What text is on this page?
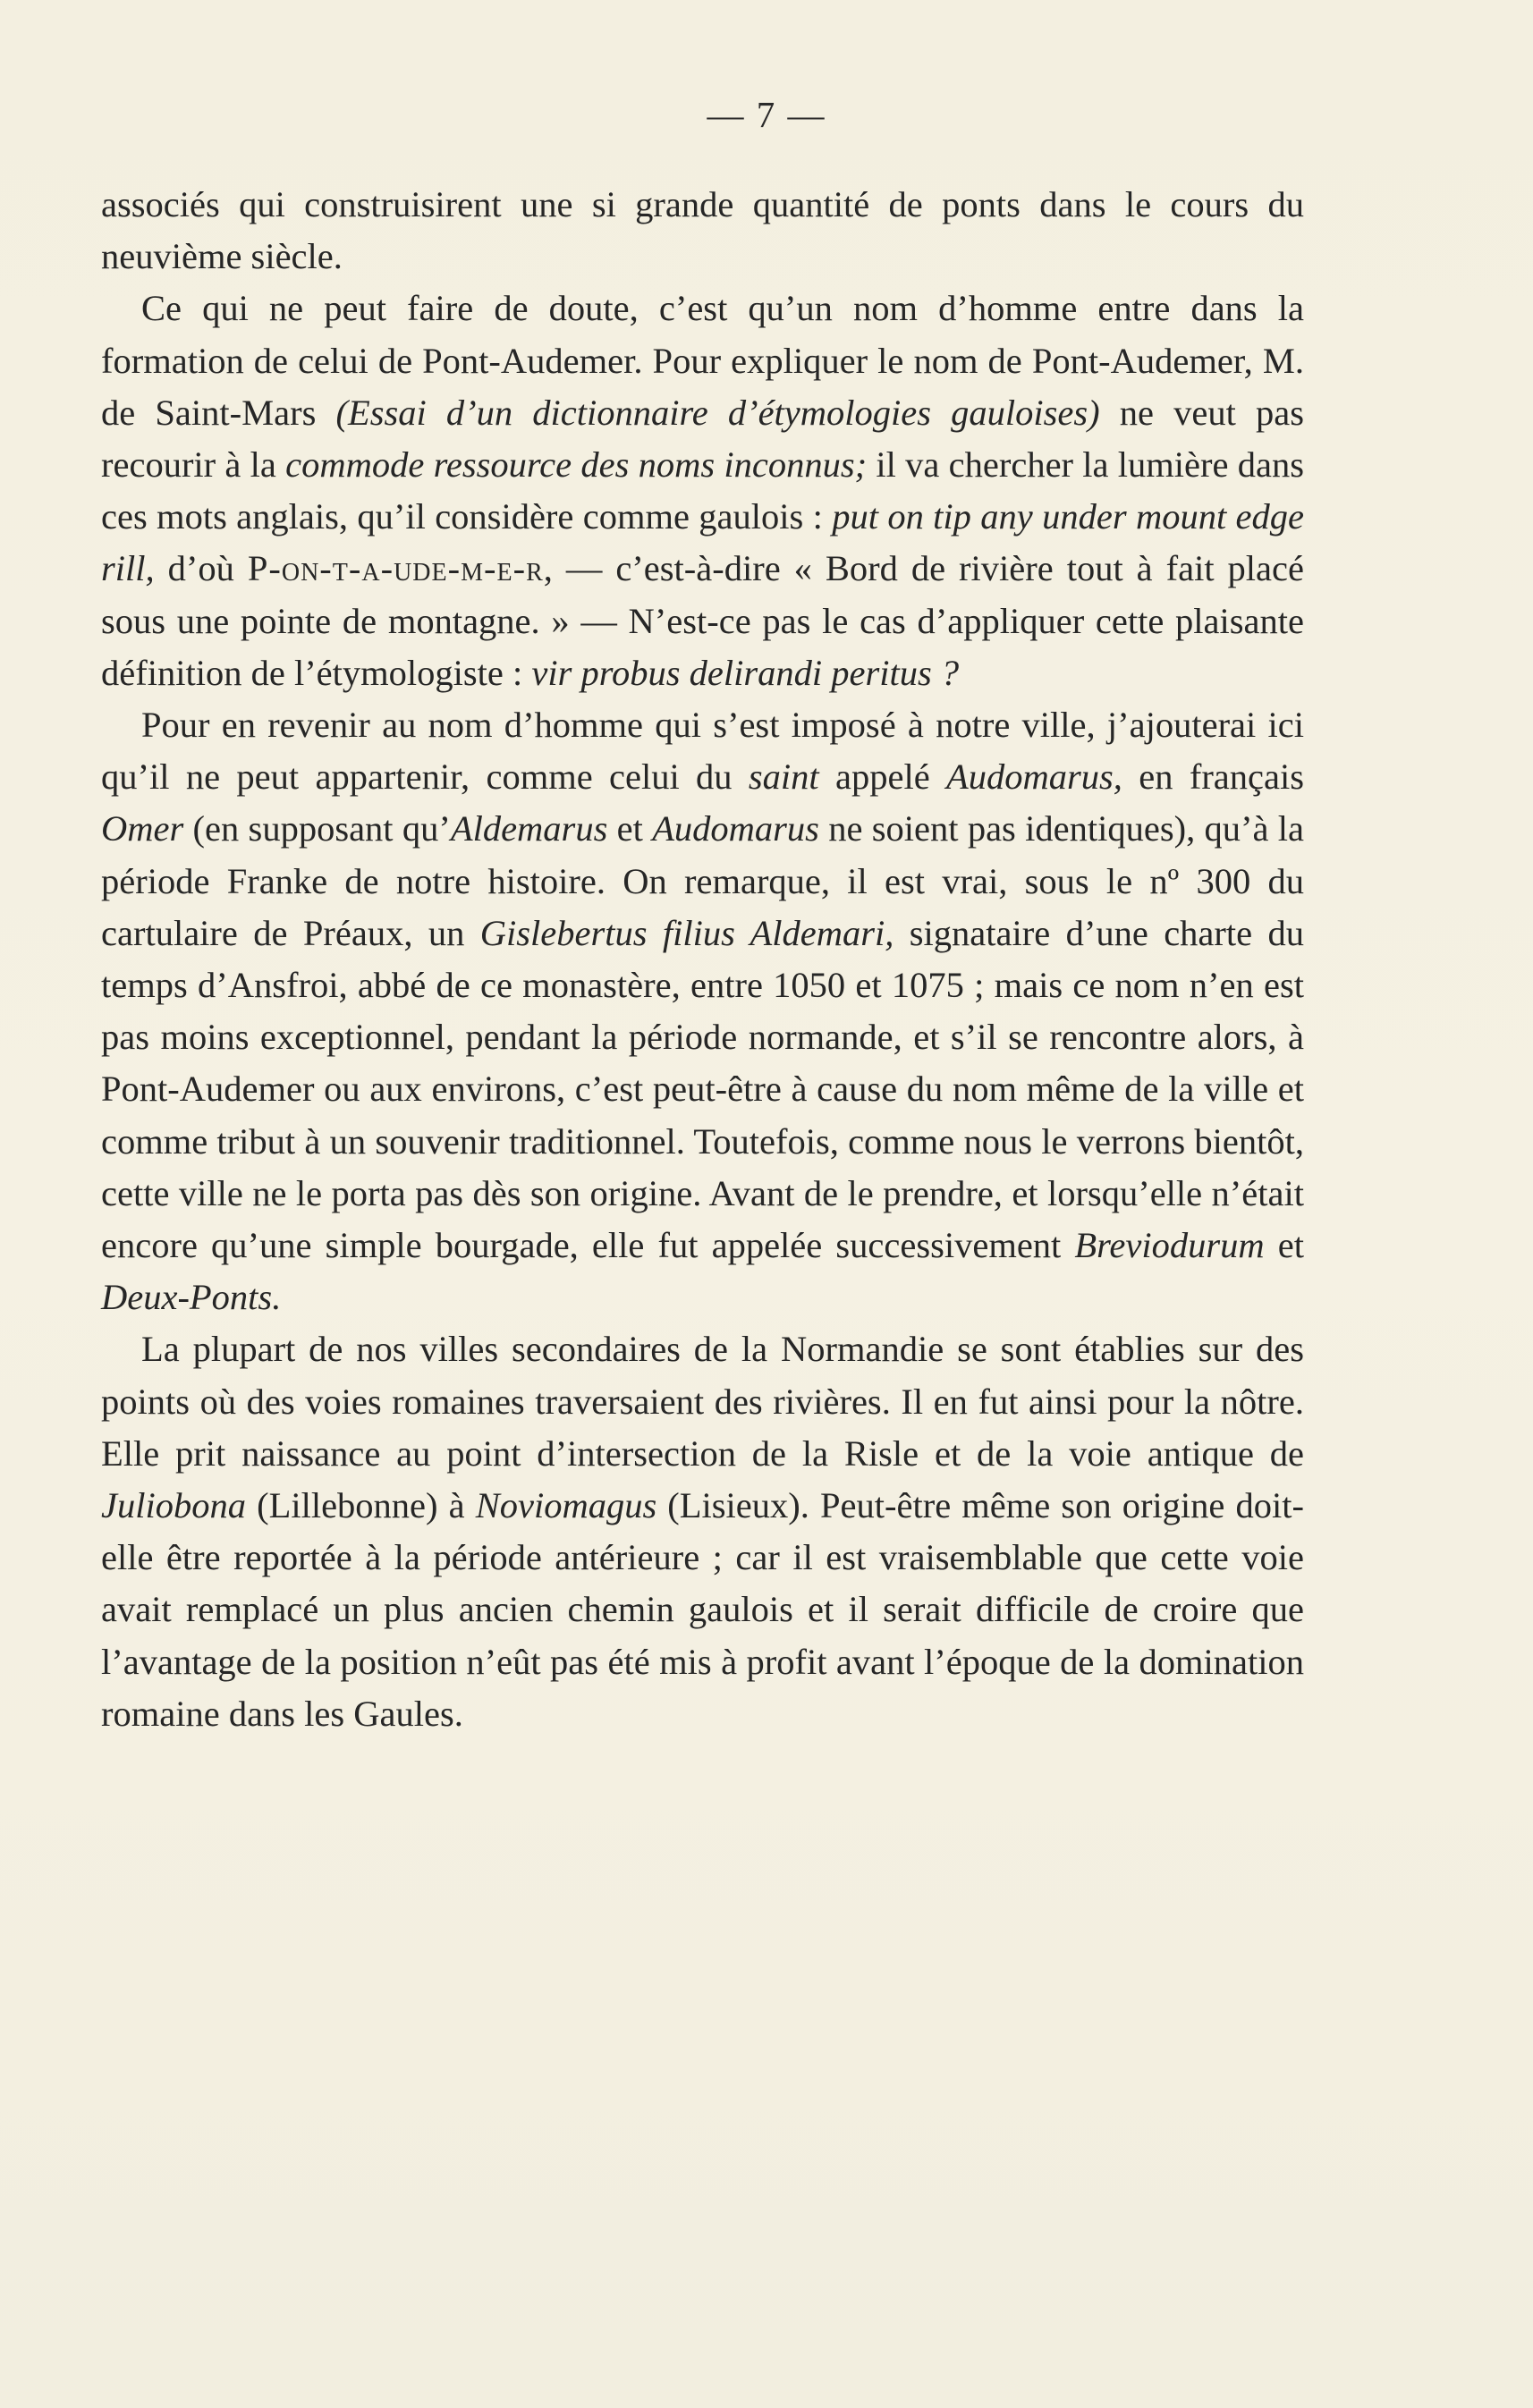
— 7 —

associés qui construisirent une si grande quantité de ponts dans le cours du neuvième siècle.

Ce qui ne peut faire de doute, c’est qu’un nom d’homme entre dans la formation de celui de Pont-Audemer. Pour expliquer le nom de Pont-Audemer, M. de Saint-Mars (Essai d’un dictionnaire d’étymologies gauloises) ne veut pas recourir à la commode ressource des noms inconnus; il va chercher la lumière dans ces mots anglais, qu’il considère comme gaulois : put on tip any under mount edge rill, d’où P-on-t-a-ude-m-e-r, — c’est-à-dire « Bord de rivière tout à fait placé sous une pointe de montagne. » — N’est-ce pas le cas d’appliquer cette plaisante définition de l’étymologiste : vir probus delirandi peritus ?

Pour en revenir au nom d’homme qui s’est imposé à notre ville, j’ajouterai ici qu’il ne peut appartenir, comme celui du saint appelé Audomarus, en français Omer (en supposant qu’Aldemarus et Audomarus ne soient pas identiques), qu’à la période Franke de notre histoire. On remarque, il est vrai, sous le nº 300 du cartulaire de Préaux, un Gislebertus filius Aldemari, signataire d’une charte du temps d’Ansfroi, abbé de ce monastère, entre 1050 et 1075 ; mais ce nom n’en est pas moins exceptionnel, pendant la période normande, et s’il se rencontre alors, à Pont-Audemer ou aux environs, c’est peut-être à cause du nom même de la ville et comme tribut à un souvenir traditionnel. Toutefois, comme nous le verrons bientôt, cette ville ne le porta pas dès son origine. Avant de le prendre, et lorsqu’elle n’était encore qu’une simple bourgade, elle fut appelée successivement Breviodurum et Deux-Ponts.

La plupart de nos villes secondaires de la Normandie se sont établies sur des points où des voies romaines traversaient des rivières. Il en fut ainsi pour la nôtre. Elle prit naissance au point d’intersection de la Risle et de la voie antique de Juliobona (Lillebonne) à Noviomagus (Lisieux). Peut-être même son origine doit-elle être reportée à la période antérieure ; car il est vraisemblable que cette voie avait remplacé un plus ancien chemin gaulois et il serait difficile de croire que l’avantage de la position n’eût pas été mis à profit avant l’époque de la domination romaine dans les Gaules.
